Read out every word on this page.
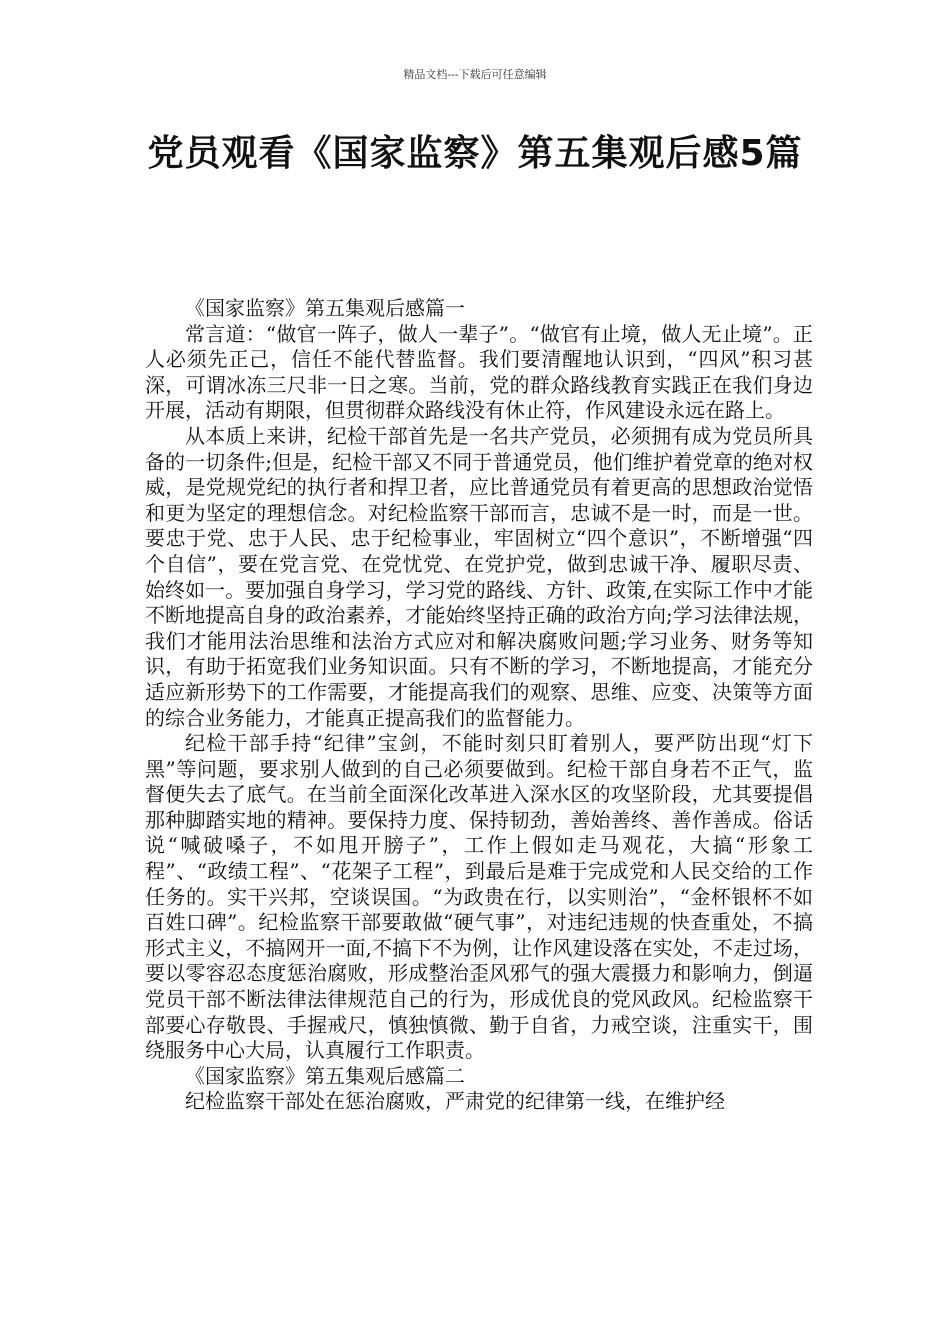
精品文档---下载后可任意编辑
党员观看《国家监察》第五集观后感5篇

《国家监察》第五集观后感篇一

常言道：“做官一阵子，做人一辈子”。“做官有止境，做人无止境”。正人必须先正己，信任不能代替监督。我们要清醒地认识到，“四风”积习甚深，可谓冰冻三尺非一日之寒。当前，党的群众路线教育实践正在我们身边开展，活动有期限，但贯彻群众路线没有休止符，作风建设永远在路上。

从本质上来讲，纪检干部首先是一名共产党员，必须拥有成为党员所具备的一切条件;但是，纪检干部又不同于普通党员，他们维护着党章的绝对权威，是党规党纪的执行者和捍卫者，应比普通党员有着更高的思想政治觉悟和更为坚定的理想信念。对纪检监察干部而言，忠诚不是一时，而是一世。要忠于党、忠于人民、忠于纪检事业，牢固树立“四个意识”，不断增强“四个自信”，要在党言党、在党忧党、在党护党，做到忠诚干净、履职尽责、始终如一。要加强自身学习，学习党的路线、方针、政策,在实际工作中才能不断地提高自身的政治素养，才能始终坚持正确的政治方向;学习法律法规，我们才能用法治思维和法治方式应对和解决腐败问题;学习业务、财务等知识，有助于拓宽我们业务知识面。只有不断的学习，不断地提高，才能充分适应新形势下的工作需要，才能提高我们的观察、思维、应变、决策等方面的综合业务能力，才能真正提高我们的监督能力。

纪检干部手持“纪律”宝剑，不能时刻只盯着别人，要严防出现“灯下黑”等问题，要求别人做到的自己必须要做到。纪检干部自身若不正气，监督便失去了底气。在当前全面深化改革进入深水区的攻坚阶段，尤其要提倡那种脚踏实地的精神。要保持力度、保持韧劲，善始善终、善作善成。俗话说“喊破嗓子，不如甩开膀子”，工作上假如走马观花，大搞“形象工程”、“政绩工程”、“花架子工程”，到最后是难于完成党和人民交给的工作任务的。实干兴邦，空谈误国。“为政贵在行，以实则治”，“金杯银杯不如百姓口碑”。纪检监察干部要敢做“硬气事”，对违纪违规的快查重处，不搞形式主义，不搞网开一面,不搞下不为例，让作风建设落在实处，不走过场，要以零容忍态度惩治腐败，形成整治歪风邪气的强大震摄力和影响力，倒逼党员干部不断法律法律规范自己的行为，形成优良的党风政风。纪检监察干部要心存敬畏、手握戒尺，慎独慎微、勤于自省，力戒空谈，注重实干，围绕服务中心大局，认真履行工作职责。

《国家监察》第五集观后感篇二

纪检监察干部处在惩治腐败，严肃党的纪律第一线，在维护经
